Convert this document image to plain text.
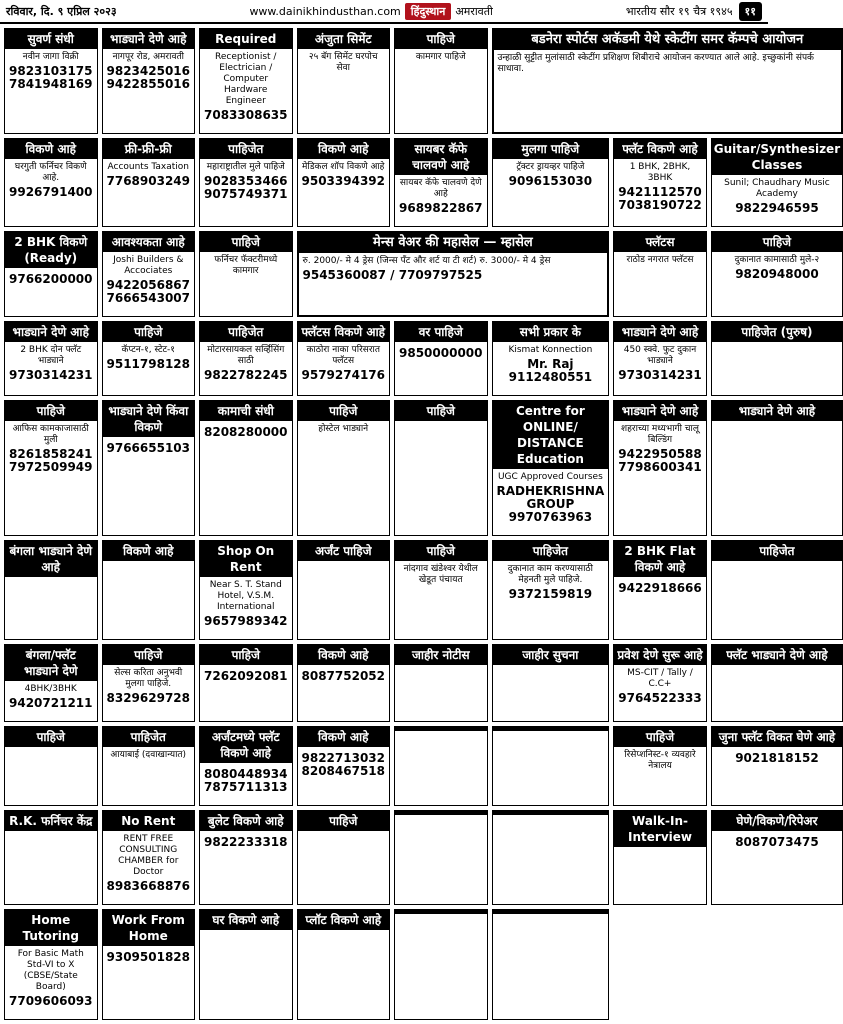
रविवार, दि. ९ एप्रिल २०२३	www.dainikhindusthan.com हिंदुस्थान अमरावती	भारतीय सौर १९ चैत्र १९४५	११
सुवर्ण संधी
नवीन जागा विक्री
9823103175 7841948169
भाड्याने देणे आहे
नागपूर रोड, अमरावती
9823425016 9422855016
Required
Receptionist / Electrician / Computer Hardware Engineer
7083308635
अंजुता सिमेंट
२५ बॅग सिमेंट घरपोच सेवा
पाहिजे
कामगार पाहिजे
बडनेरा स्पोर्टस अकॅडमी येथे स्केटींग समर कॅम्पचे आयोजन
उन्हाळी सुट्टीत मुलांसाठी स्केटींग प्रशिक्षण शिबीराचे आयोजन करण्यात आले आहे. इच्छुकांनी संपर्क साधावा.
विकणे आहे
घरगुती फर्निचर विकणे आहे.
9926791400
फ्री-फ्री-फ्री
Accounts Taxation
7768903249
पाहिजेत
महाराष्ट्रातील मुले पाहिजे
9028353466 9075749371
विकणे आहे
मेडिकल शॉप विकणे आहे
9503394392
सायबर कॅफे चालवणे आहे
सायबर कॅफे चालवणे देणे आहे
9689822867
मुलगा पाहिजे
ट्रॅक्टर ड्रायव्हर पाहिजे
9096153030
फ्लॅट विकणे आहे
1 BHK, 2BHK, 3BHK
9421112570 7038190722
Guitar/Synthesizer Classes
Sunil; Chaudhary Music Academy
9822946595
2 BHK विकणे (Ready)
9766200000
आवश्यकता आहे
Joshi Builders & Accociates
9422056867 7666543007
पाहिजे
फर्निचर फॅक्टरीमध्ये कामगार
मेन्स वेअर की महासेल — म्हासेल
रु. 2000/- मे 4 ड्रेस (जिन्स पँट और शर्ट या टी शर्ट) रु. 3000/- मे 4 ड्रेस
9545360087 / 7709797525
फ्लॅटस
राठोड नगरात फ्लॅटस
पाहिजे
दुकानात कामासाठी मुले-२
9820948000
भाड्याने देणे आहे
2 BHK दोन फ्लॅट भाड्याने
9730314231
पाहिजे
कॅप्टन-१, स्टेट-१
9511798128
पाहिजेत
मोटारसायकल सर्व्हिसिंग साठी
9822782245
फ्लॅटस विकणे आहे
काठोरा नाका परिसरात फ्लॅटस
9579274176
वर पाहिजे
9850000000
सभी प्रकार के
Kismat Konnection
Mr. Raj 9112480551
भाड्याने देणे आहे
450 स्क्वे. फुट दुकान भाड्याने
9730314231
पाहिजेत (पुरुष)
पाहिजे
आफिस कामकाजासाठी मुली
8261858241 7972509949
भाड्याने देणे किंवा विकणे
9766655103
कामाची संधी
8208280000
पाहिजे
होस्टेल भाड्याने
पाहिजे	Centre for ONLINE/ DISTANCE Education
UGC Approved Courses
RADHEKRISHNA GROUP 9970763963
भाड्याने देणे आहे
शहराच्या मध्यभागी चालू बिल्डिंग
9422950588 7798600341
भाड्याने देणे आहे
बंगला भाड्याने देणे आहे
विकणे आहे	Shop On Rent
Near S. T. Stand Hotel, V.S.M. International
9657989342
अर्जंट पाहिजे	पाहिजे
नांदगाव खंडेश्वर येथील खेडूत पंचायत
पाहिजेत
दुकानात काम करण्यासाठी मेहनती मुले पाहिजे.
9372159819
2 BHK Flat विकणे आहे
9422918666
पाहिजेत
बंगला/फ्लॅट भाड्याने देणे
4BHK/3BHK
9420721211
पाहिजे
सेल्स करिता अनुभवी मुलगा पाहिजे.
8329629728
पाहिजे
7262092081
विकणे आहे
8087752052
जाहीर नोटीस	जाहीर सुचना	प्रवेश देणे सुरू आहे
MS-CIT / Tally / C.C+
9764522333
फ्लॅट भाड्याने देणे आहे
पाहिजे	पाहिजेत
आयाबाई (दवाखान्यात)
अर्जंटमध्ये फ्लॅट विकणे आहे
8080448934 7875711313
विकणे आहे
9822713032 8208467518
पाहिजे
रिसेप्शनिस्ट-१ व्यवहारे नेत्रालय
जुना फ्लॅट विकत घेणे आहे
9021818152
R.K. फर्निचर केंद्र	No Rent
RENT FREE CONSULTING CHAMBER for Doctor
8983668876
बुलेट विकणे आहे
9822233318
पाहिजे	Walk-In-Interview
घेणे/विकणे/रिपेअर
8087073475
Home Tutoring
For Basic Math Std-VI to X (CBSE/State Board)
7709606093
Work From Home
9309501828
घर विकणे आहे	प्लॉट विकणे आहे
